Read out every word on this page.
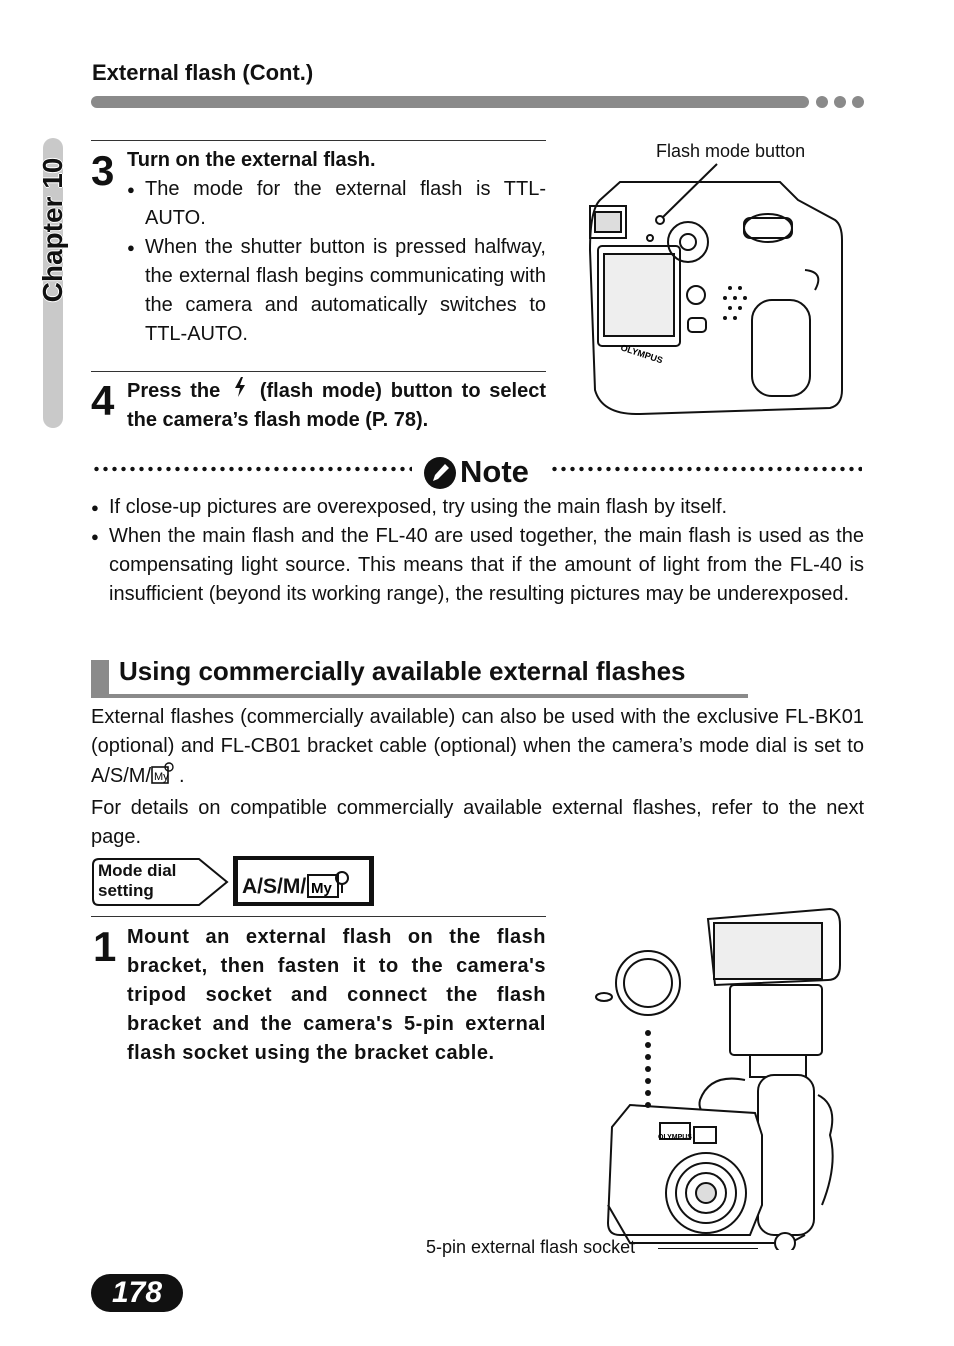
External flash (Cont.)
Chapter 10 3 Turn on the external flash.
● The mode for the external flash is TTL-AUTO.
● When the shutter button is pressed halfway, the external flash begins communicating with the camera and automatically switches to TTL-AUTO.
4 Press the (flash mode) button to select the camera’s flash mode (P. 78).
Flash mode button
OLYMPUS
Note
● If close-up pictures are overexposed, try using the main flash by itself.
● When the main flash and the FL-40 are used together, the main flash is used as the compensating light source. This means that if the amount of light from the FL-40 is insufficient (beyond its working range), the resulting pictures may be underexposed.
Using commercially available external flashes
External flashes (commercially available) can also be used with the exclusive FL-BK01 (optional) and FL-CB01 bracket cable (optional) when the camera’s mode dial is set to A/S/M/ My .
For details on compatible commercially available external flashes, refer to the next page.
Mode dial
setting	A/S/M/ My
1 Mount an external flash on the flash bracket, then fasten it to the camera's tripod socket and connect the flash bracket and the camera's 5-pin external flash socket using the bracket cable.
OLYMPUS
5-pin external flash socket
178
